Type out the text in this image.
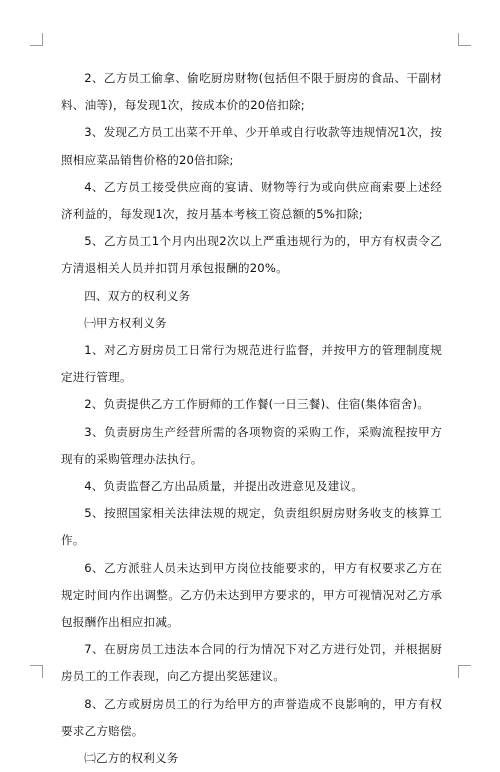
2、乙方员工偷拿、偷吃厨房财物(包括但不限于厨房的食品、干副材料、油等)，每发现1次，按成本价的20倍扣除;

3、发现乙方员工出菜不开单、少开单或自行收款等违规情况1次，按照相应菜品销售价格的20倍扣除;

4、乙方员工接受供应商的宴请、财物等行为或向供应商索要上述经济利益的，每发现1次，按月基本考核工资总额的5%扣除;

5、乙方员工1个月内出现2次以上严重违规行为的，甲方有权责令乙方清退相关人员并扣罚月承包报酬的20%。

四、双方的权利义务

㈠甲方权利义务

1、对乙方厨房员工日常行为规范进行监督，并按甲方的管理制度规定进行管理。

2、负责提供乙方工作厨师的工作餐(一日三餐)、住宿(集体宿舍)。

3、负责厨房生产经营所需的各项物资的采购工作，采购流程按甲方现有的采购管理办法执行。

4、负责监督乙方出品质量，并提出改进意见及建议。

5、按照国家相关法律法规的规定，负责组织厨房财务收支的核算工作。

6、乙方派驻人员未达到甲方岗位技能要求的，甲方有权要求乙方在规定时间内作出调整。乙方仍未达到甲方要求的，甲方可视情况对乙方承包报酬作出相应扣减。

7、在厨房员工违法本合同的行为情况下对乙方进行处罚，并根据厨房员工的工作表现，向乙方提出奖惩建议。

8、乙方或厨房员工的行为给甲方的声誉造成不良影响的，甲方有权要求乙方赔偿。

㈡乙方的权利义务
